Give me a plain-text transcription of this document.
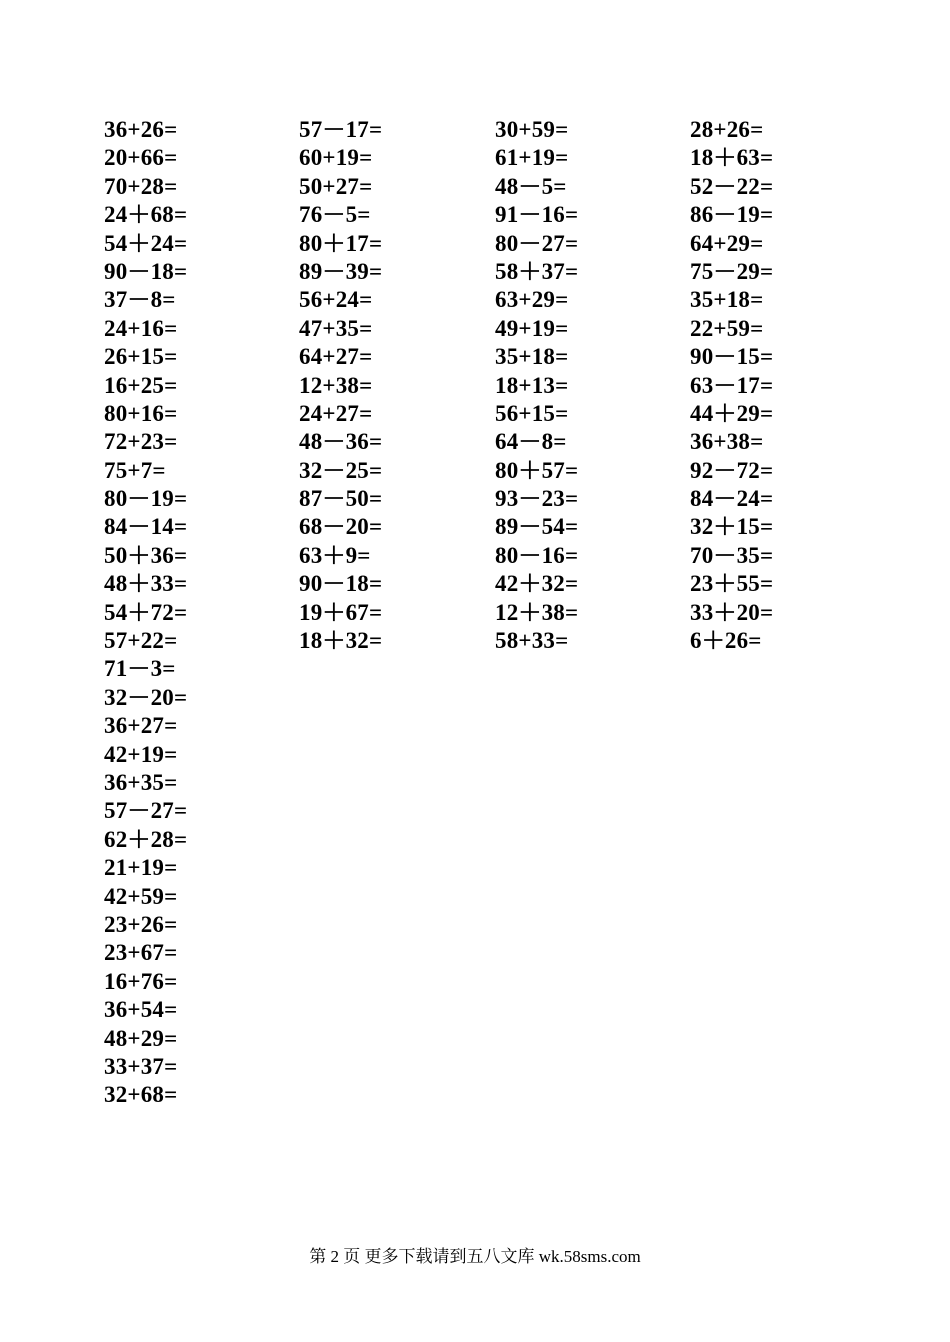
36+26=
20+66=
70+28=
24＋68=
54＋24=
90－18=
37－8=
24+16=
26+15=
16+25=
80+16=
72+23=
75+7=
80－19=
84－14=
50＋36=
48＋33=
54＋72=
57+22=
71－3=
32－20=
36+27=
42+19=
36+35=
57－27=
62＋28=
21+19=
42+59=
23+26=
23+67=
16+76=
36+54=
48+29=
33+37=
32+68=
57－17=
60+19=
50+27=
76－5=
80＋17=
89－39=
56+24=
47+35=
64+27=
12+38=
24+27=
48－36=
32－25=
87－50=
68－20=
63＋9=
90－18=
19＋67=
18＋32=
30+59=
61+19=
48－5=
91－16=
80－27=
58＋37=
63+29=
49+19=
35+18=
18+13=
56+15=
64－8=
80＋57=
93－23=
89－54=
80－16=
42＋32=
12＋38=
58+33=
28+26=
18＋63=
52－22=
86－19=
64+29=
75－29=
35+18=
22+59=
90－15=
63－17=
44＋29=
36+38=
92－72=
84－24=
32＋15=
70－35=
23＋55=
33＋20=
6＋26=
第 2 页 更多下载请到五八文库 wk.58sms.com
